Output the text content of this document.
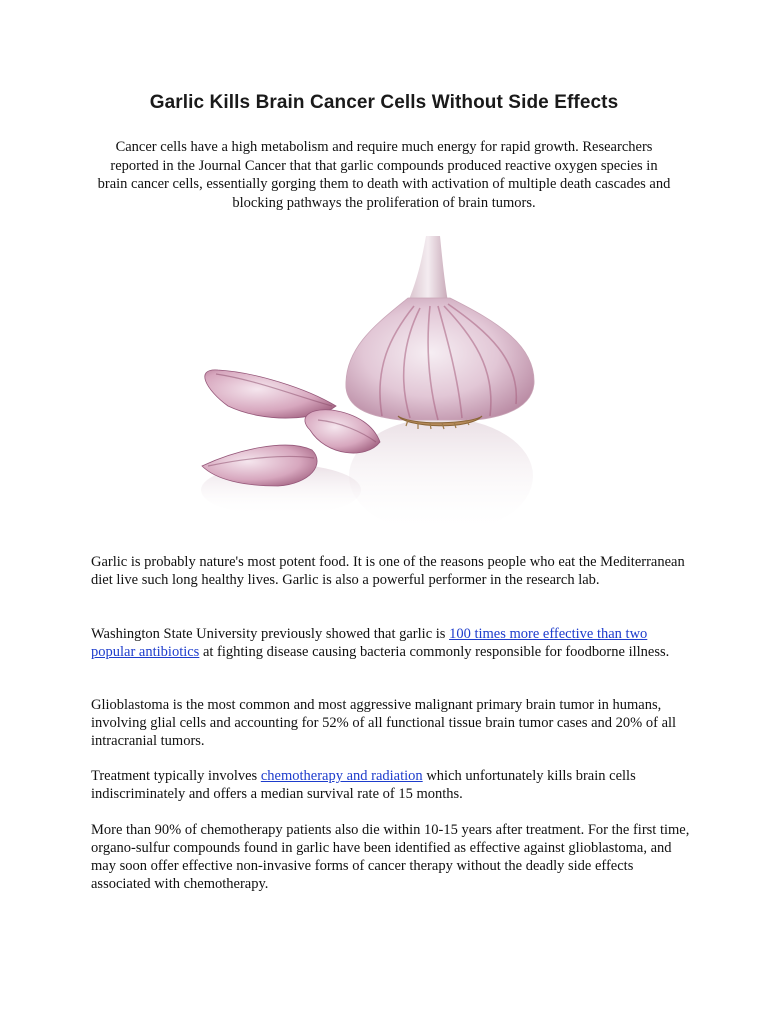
Garlic Kills Brain Cancer Cells Without Side Effects
Cancer cells have a high metabolism and require much energy for rapid growth. Researchers reported in the Journal Cancer that that garlic compounds produced reactive oxygen species in brain cancer cells, essentially gorging them to death with activation of multiple death cascades and blocking pathways the proliferation of brain tumors.
Garlic is probably nature's most potent food. It is one of the reasons people who eat the Mediterranean diet live such long healthy lives. Garlic is also a powerful performer in the research lab.
Washington State University previously showed that garlic is 100 times more effective than two popular antibiotics at fighting disease causing bacteria commonly responsible for foodborne illness.
Glioblastoma is the most common and most aggressive malignant primary brain tumor in humans, involving glial cells and accounting for 52% of all functional tissue brain tumor cases and 20% of all intracranial tumors.
Treatment typically involves chemotherapy and radiation which unfortunately kills brain cells indiscriminately and offers a median survival rate of 15 months.
More than 90% of chemotherapy patients also die within 10-15 years after treatment. For the first time, organo-sulfur compounds found in garlic have been identified as effective against glioblastoma, and may soon offer effective non-invasive forms of cancer therapy without the deadly side effects associated with chemotherapy.
